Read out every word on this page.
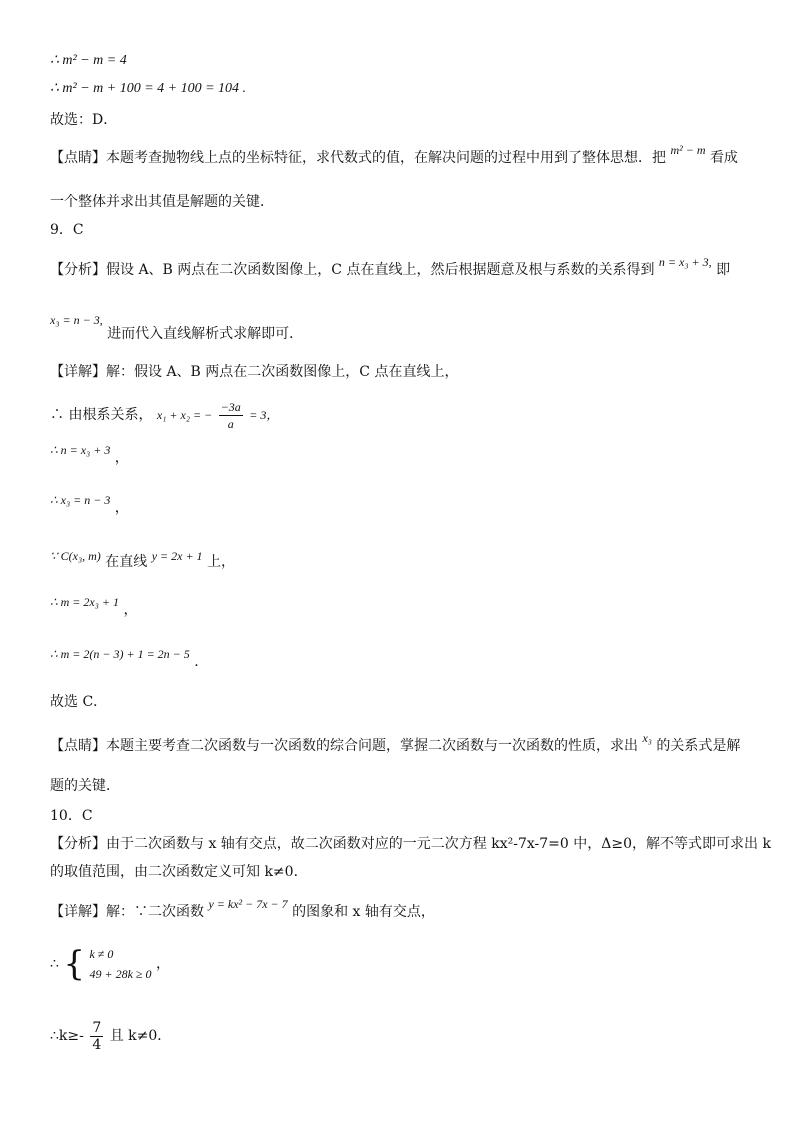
∴ m² − m = 4
∴ m² − m + 100 = 4 + 100 = 104 .
故选：D．
【点睛】本题考查抛物线上点的坐标特征，求代数式的值，在解决问题的过程中用到了整体思想．把 m² − m 看成
一个整体并求出其值是解题的关键．
9．C
【分析】假设 A、B 两点在二次函数图像上，C 点在直线上，然后根据题意及根与系数的关系得到 n = x₃ + 3, 即
x₃ = n − 3, 进而代入直线解析式求解即可．
【详解】解：假设 A、B 两点在二次函数图像上，C 点在直线上，
∴ 由根系关系， x₁ + x₂ = − $\frac{-3a}{a} = 3$，
∴ n = x₃ + 3 ，
∴ x₃ = n − 3 ，
∵ C(x₃, m) 在直线 y = 2x + 1 上，
∴ m = 2x₃ + 1 ，
∴ m = 2(n − 3) + 1 = 2n − 5 .
故选 C．
【点睛】本题主要考查二次函数与一次函数的综合问题，掌握二次函数与一次函数的性质，求出 x₃ 的关系式是解
题的关键．
10．C
【分析】由于二次函数与 x 轴有交点，故二次函数对应的一元二次方程 kx²-7x-7=0 中，Δ≥0，解不等式即可求出 k
的取值范围，由二次函数定义可知 k≠0．
【详解】解：∵二次函数 y = kx² − 7x − 7 的图象和 x 轴有交点，
∴ { k ≠ 0
49 + 28k ≥ 0
，
∴k≥- $\frac{7}{4}$ 且 k≠0．
